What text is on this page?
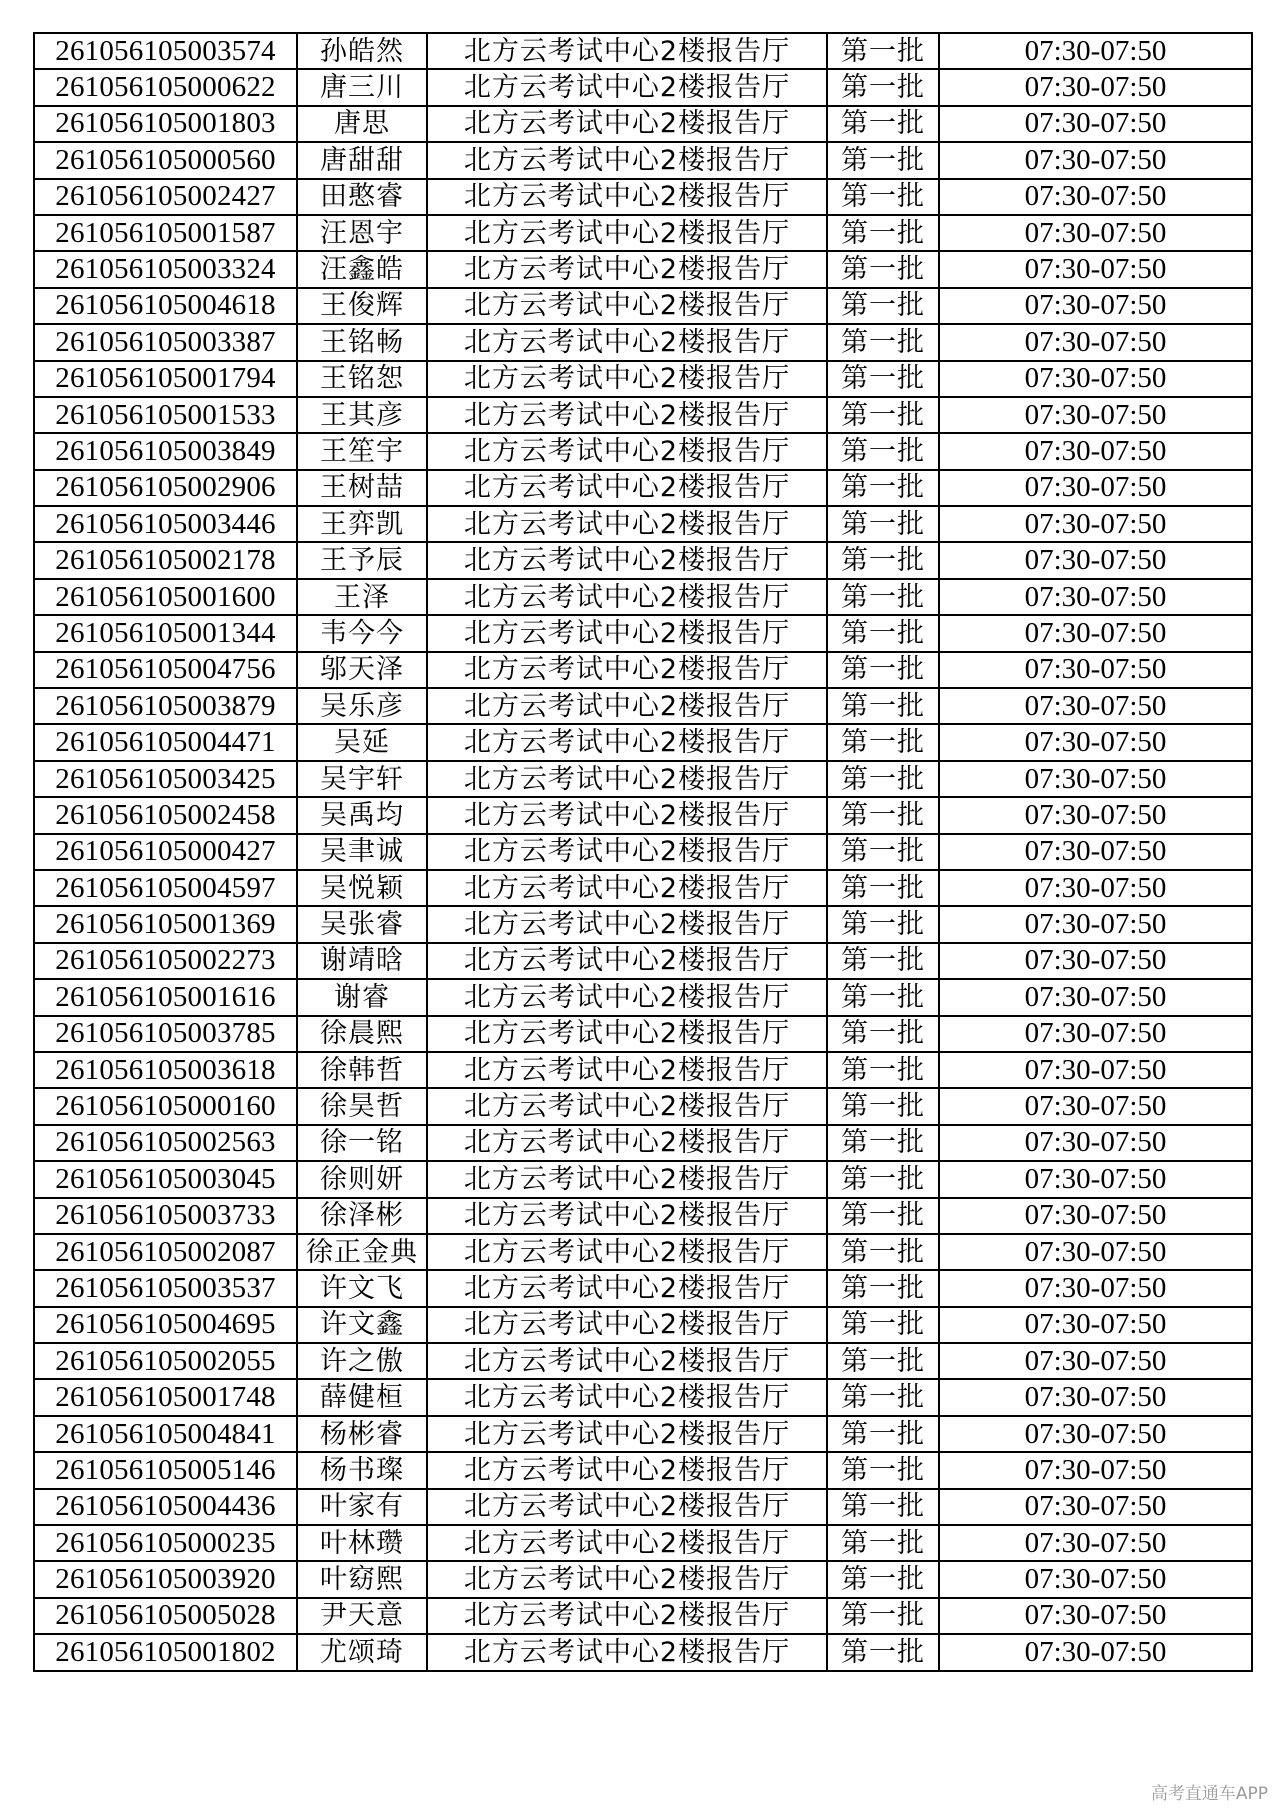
261056105003574	孙皓然	北方云考试中心2楼报告厅	第一批	07:30-07:50
261056105000622	唐三川	北方云考试中心2楼报告厅	第一批	07:30-07:50
261056105001803	唐思	北方云考试中心2楼报告厅	第一批	07:30-07:50
261056105000560	唐甜甜	北方云考试中心2楼报告厅	第一批	07:30-07:50
261056105002427	田憨睿	北方云考试中心2楼报告厅	第一批	07:30-07:50
261056105001587	汪恩宇	北方云考试中心2楼报告厅	第一批	07:30-07:50
261056105003324	汪鑫皓	北方云考试中心2楼报告厅	第一批	07:30-07:50
261056105004618	王俊辉	北方云考试中心2楼报告厅	第一批	07:30-07:50
261056105003387	王铭畅	北方云考试中心2楼报告厅	第一批	07:30-07:50
261056105001794	王铭恕	北方云考试中心2楼报告厅	第一批	07:30-07:50
261056105001533	王其彦	北方云考试中心2楼报告厅	第一批	07:30-07:50
261056105003849	王笙宇	北方云考试中心2楼报告厅	第一批	07:30-07:50
261056105002906	王树喆	北方云考试中心2楼报告厅	第一批	07:30-07:50
261056105003446	王弈凯	北方云考试中心2楼报告厅	第一批	07:30-07:50
261056105002178	王予辰	北方云考试中心2楼报告厅	第一批	07:30-07:50
261056105001600	王泽	北方云考试中心2楼报告厅	第一批	07:30-07:50
261056105001344	韦今今	北方云考试中心2楼报告厅	第一批	07:30-07:50
261056105004756	邬天泽	北方云考试中心2楼报告厅	第一批	07:30-07:50
261056105003879	吴乐彦	北方云考试中心2楼报告厅	第一批	07:30-07:50
261056105004471	吴延	北方云考试中心2楼报告厅	第一批	07:30-07:50
261056105003425	吴宇轩	北方云考试中心2楼报告厅	第一批	07:30-07:50
261056105002458	吴禹均	北方云考试中心2楼报告厅	第一批	07:30-07:50
261056105000427	吴聿诚	北方云考试中心2楼报告厅	第一批	07:30-07:50
261056105004597	吴悦颖	北方云考试中心2楼报告厅	第一批	07:30-07:50
261056105001369	吴张睿	北方云考试中心2楼报告厅	第一批	07:30-07:50
261056105002273	谢靖晗	北方云考试中心2楼报告厅	第一批	07:30-07:50
261056105001616	谢睿	北方云考试中心2楼报告厅	第一批	07:30-07:50
261056105003785	徐晨熙	北方云考试中心2楼报告厅	第一批	07:30-07:50
261056105003618	徐韩哲	北方云考试中心2楼报告厅	第一批	07:30-07:50
261056105000160	徐昊哲	北方云考试中心2楼报告厅	第一批	07:30-07:50
261056105002563	徐一铭	北方云考试中心2楼报告厅	第一批	07:30-07:50
261056105003045	徐则妍	北方云考试中心2楼报告厅	第一批	07:30-07:50
261056105003733	徐泽彬	北方云考试中心2楼报告厅	第一批	07:30-07:50
261056105002087	徐正金典	北方云考试中心2楼报告厅	第一批	07:30-07:50
261056105003537	许文飞	北方云考试中心2楼报告厅	第一批	07:30-07:50
261056105004695	许文鑫	北方云考试中心2楼报告厅	第一批	07:30-07:50
261056105002055	许之傲	北方云考试中心2楼报告厅	第一批	07:30-07:50
261056105001748	薛健桓	北方云考试中心2楼报告厅	第一批	07:30-07:50
261056105004841	杨彬睿	北方云考试中心2楼报告厅	第一批	07:30-07:50
261056105005146	杨书璨	北方云考试中心2楼报告厅	第一批	07:30-07:50
261056105004436	叶家有	北方云考试中心2楼报告厅	第一批	07:30-07:50
261056105000235	叶林瓒	北方云考试中心2楼报告厅	第一批	07:30-07:50
261056105003920	叶窈熙	北方云考试中心2楼报告厅	第一批	07:30-07:50
261056105005028	尹天意	北方云考试中心2楼报告厅	第一批	07:30-07:50
261056105001802	尤颂琦	北方云考试中心2楼报告厅	第一批	07:30-07:50
高考直通车APP
